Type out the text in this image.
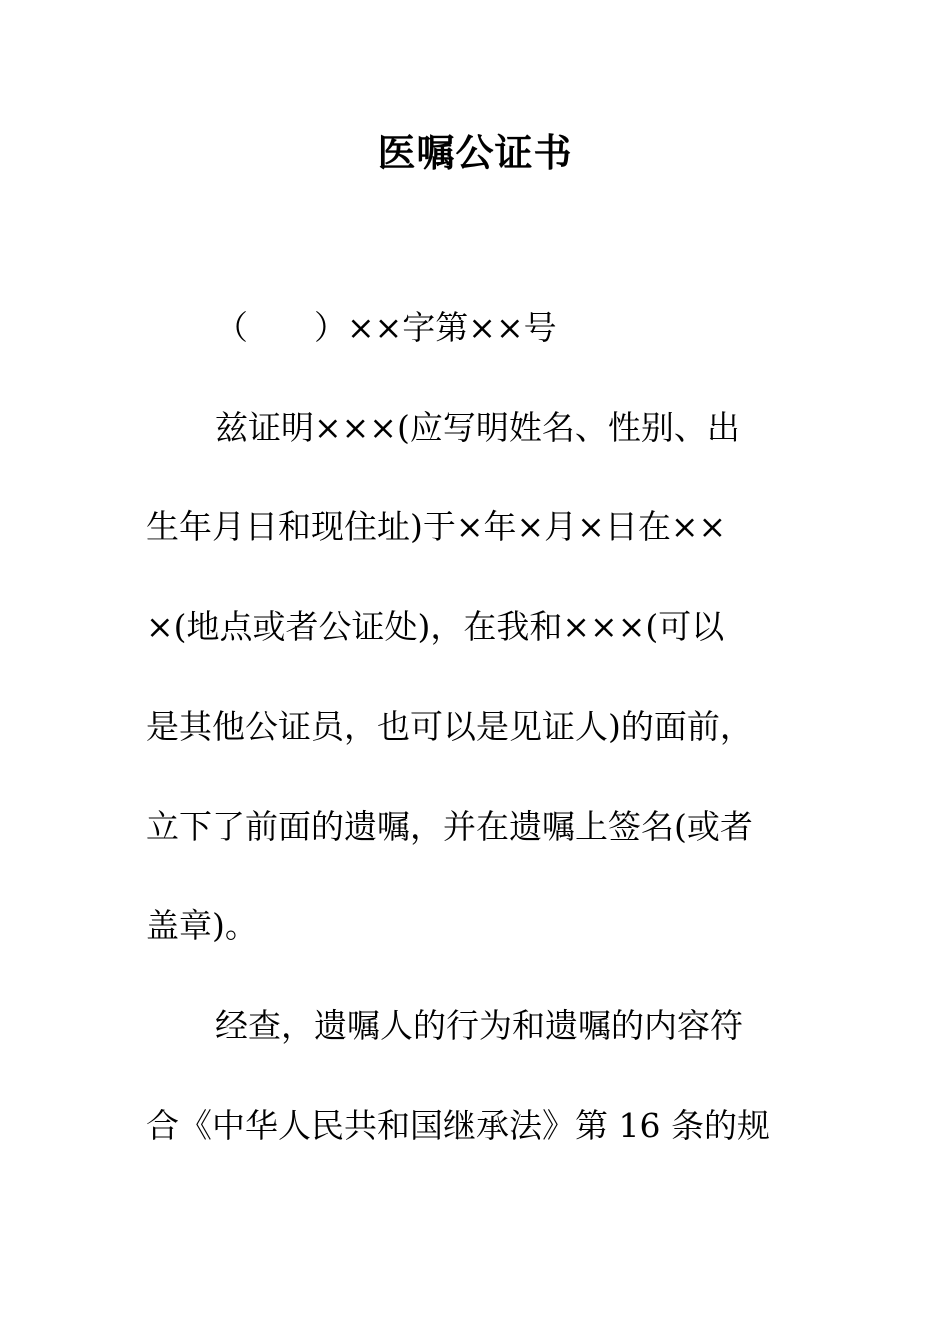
医嘱公证书
（ ）××字第××号
兹证明×××(应写明姓名、性别、出
生年月日和现住址)于×年×月×日在××
×(地点或者公证处)，在我和×××(可以
是其他公证员，也可以是见证人)的面前，
立下了前面的遗嘱，并在遗嘱上签名(或者
盖章)。
经查，遗嘱人的行为和遗嘱的内容符
合《中华人民共和国继承法》第 16 条的规
